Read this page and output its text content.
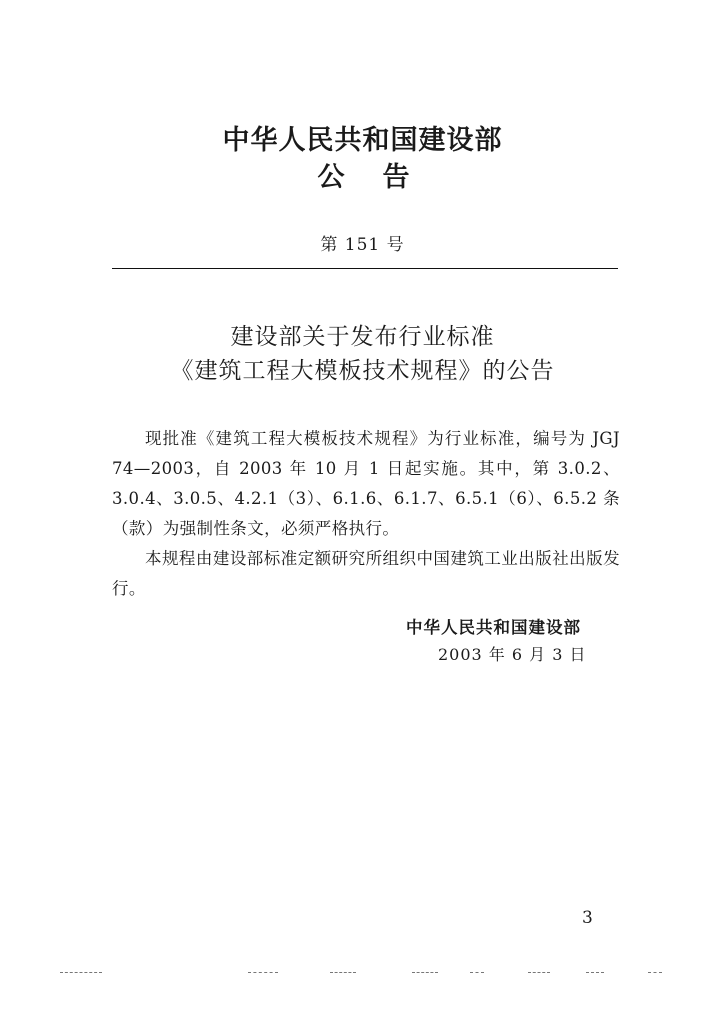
中华人民共和国建设部
公告
第 151 号
建设部关于发布行业标准
《建筑工程大模板技术规程》的公告

现批准《建筑工程大模板技术规程》为行业标准，编号为 JGJ 74—2003，自 2003 年 10 月 1 日起实施。其中，第 3.0.2、3.0.4、3.0.5、4.2.1（3）、6.1.6、6.1.7、6.5.1（6）、6.5.2 条（款）为强制性条文，必须严格执行。

本规程由建设部标准定额研究所组织中国建筑工业出版社出版发行。

中华人民共和国建设部
2003 年 6 月 3 日
3
